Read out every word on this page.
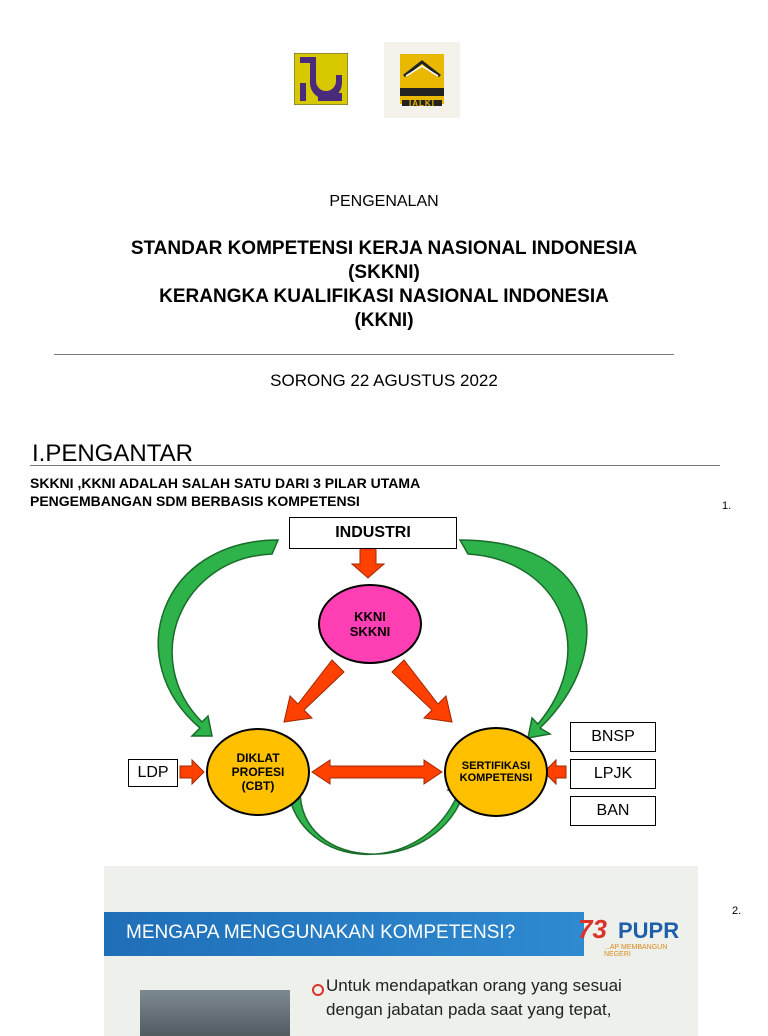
IALKI
PENGENALAN
STANDAR KOMPETENSI KERJA NASIONAL INDONESIA
(SKKNI)
KERANGKA KUALIFIKASI NASIONAL INDONESIA
(KKNI)
SORONG 22 AGUSTUS 2022
I.PENGANTAR
SKKNI ,KKNI ADALAH SALAH SATU DARI 3 PILAR UTAMA
PENGEMBANGAN SDM BERBASIS KOMPETENSI	1.
INDUSTRI
KKNI
SKKNI
DIKLAT
PROFESI
(CBT)
SERTIFIKASI
KOMPETENSI
LDP
BNSP
LPJK
BAN
MENGAPA MENGGUNAKAN KOMPETENSI? 73 PUPR
...AP MEMBANGUN NEGERI
Untuk mendapatkan orang yang sesuai
dengan jabatan pada saat yang tepat,
2.
